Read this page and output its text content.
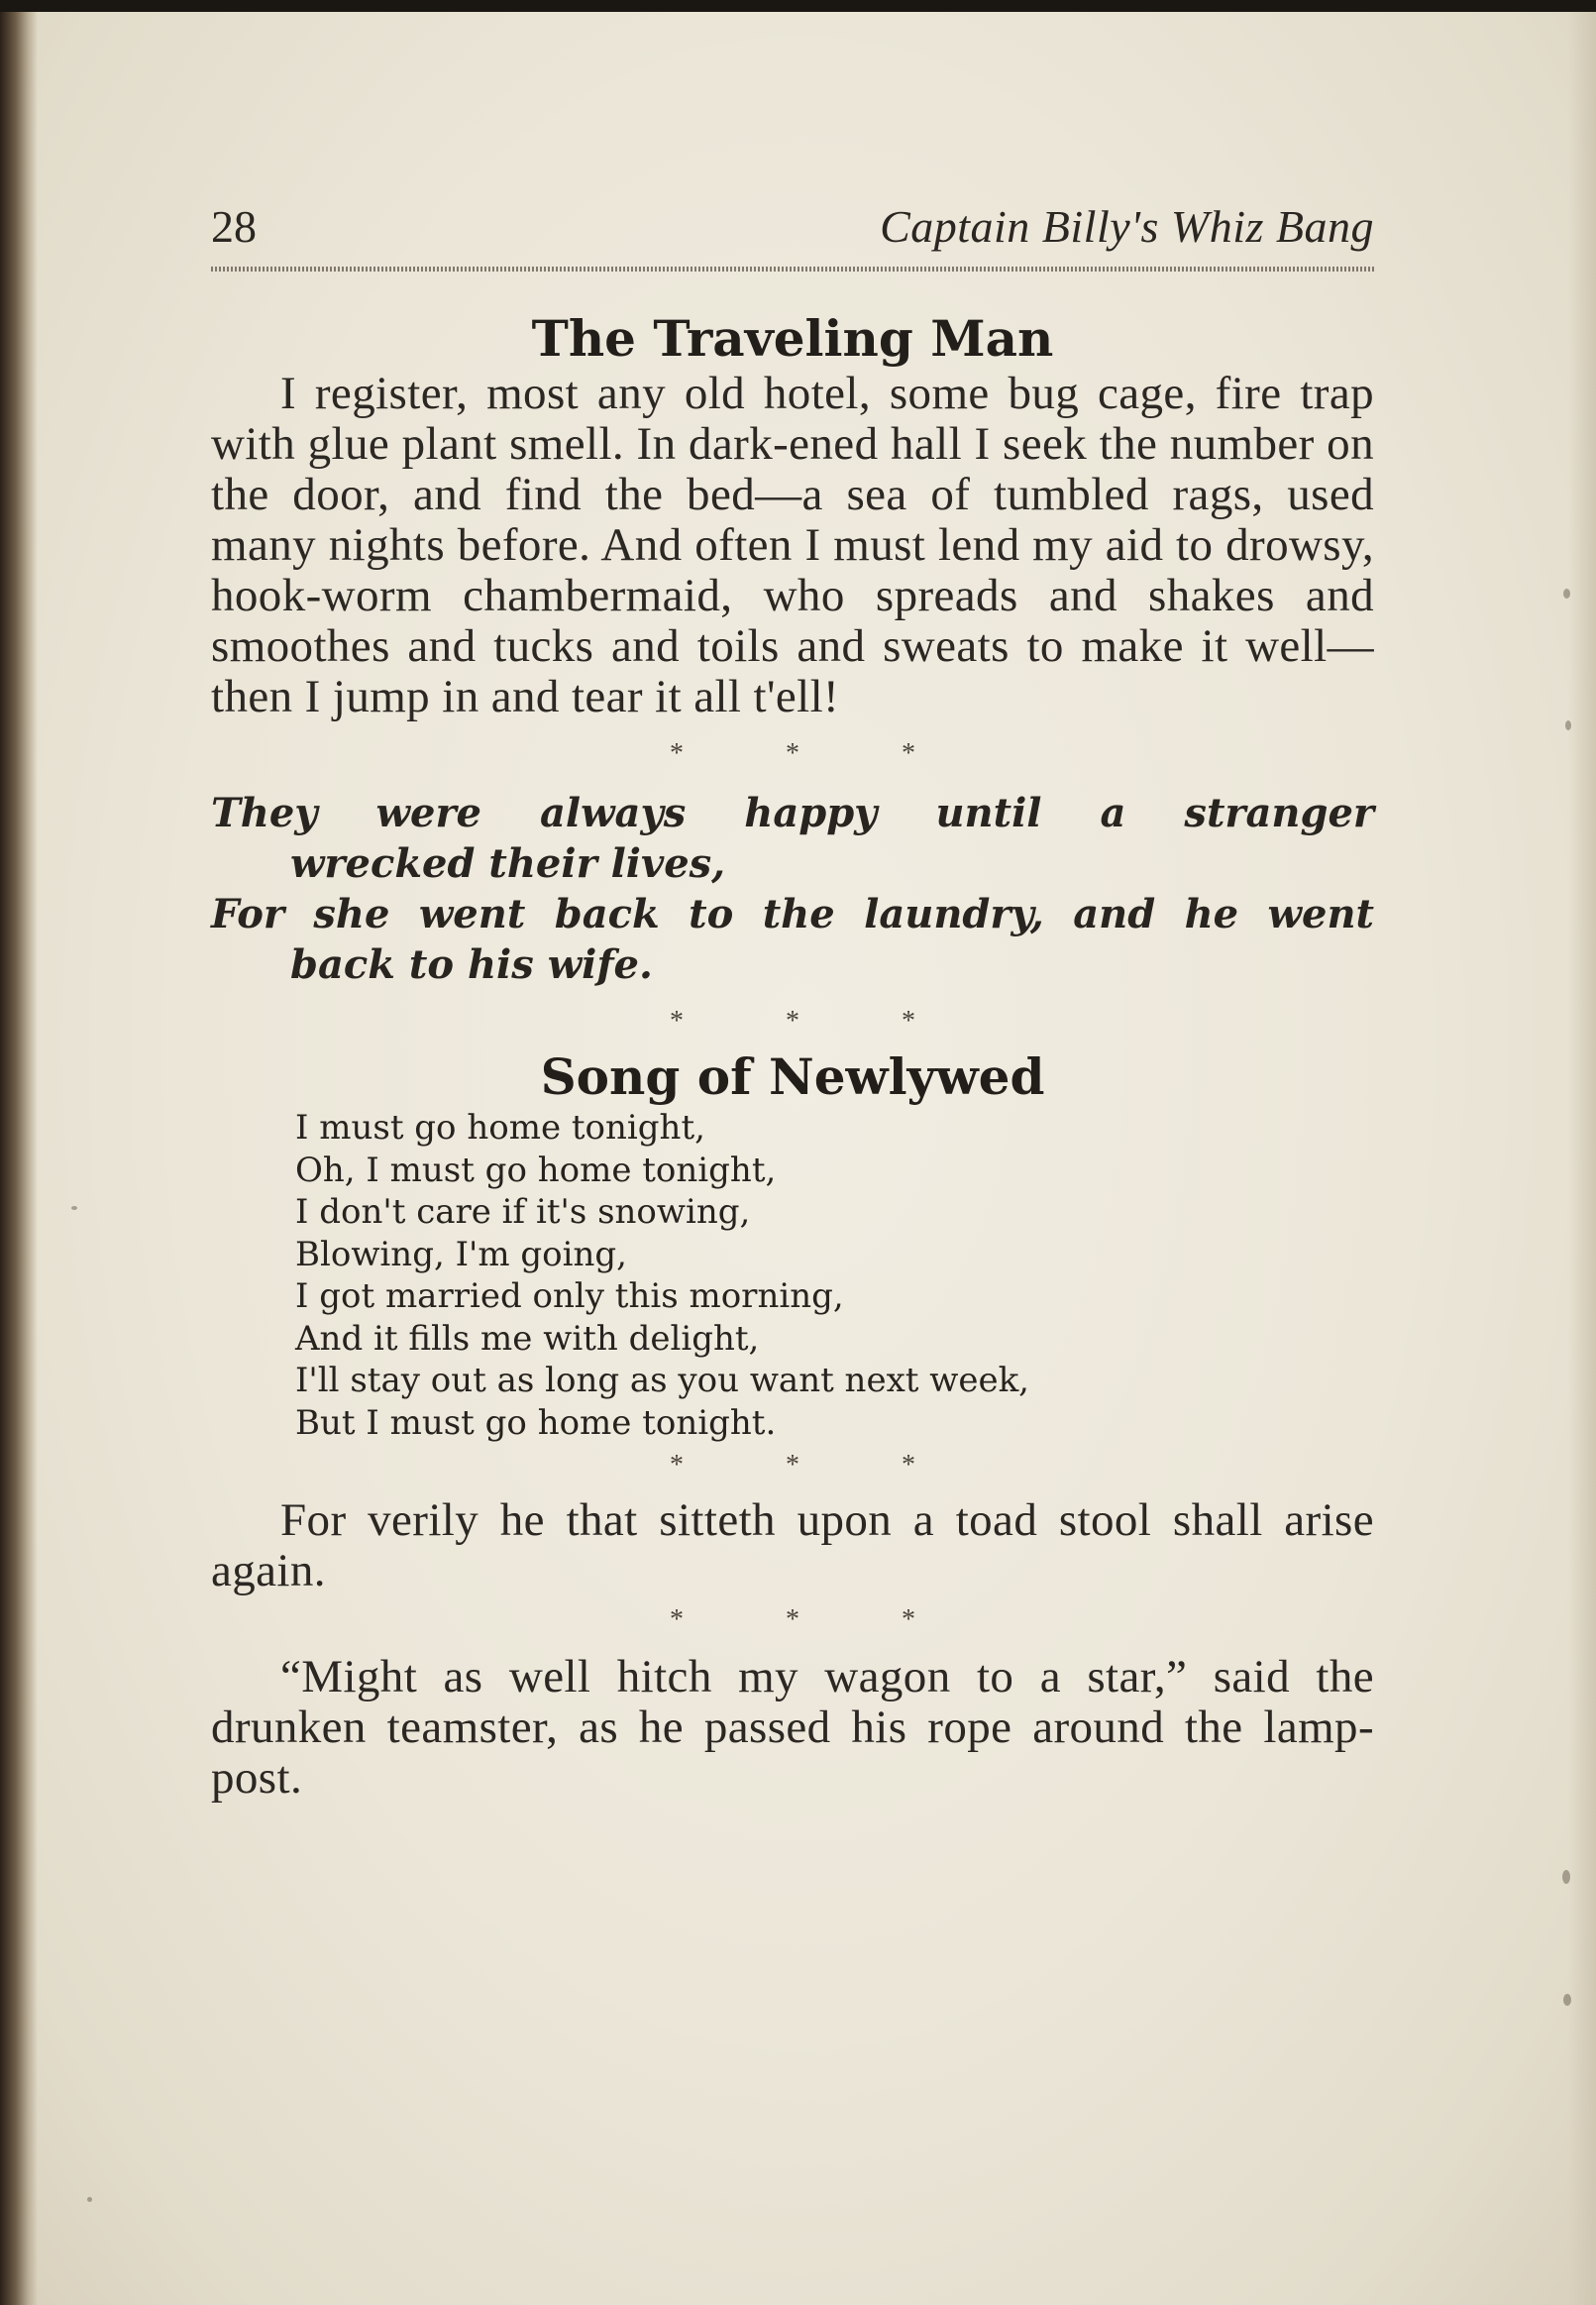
28	Captain Billy's Whiz Bang
The Traveling Man

I register, most any old hotel, some bug cage, fire trap with glue plant smell. In dark-ened hall I seek the number on the door, and find the bed—a sea of tumbled rags, used many nights before. And often I must lend my aid to drowsy, hook-worm chambermaid, who spreads and shakes and smoothes and tucks and toils and sweats to make it well—then I jump in and tear it all t'ell!

* * *

They were always happy until a stranger
wrecked their lives,
For she went back to the laundry, and he went
back to his wife.

* * *

Song of Newlywed
I must go home tonight,
Oh, I must go home tonight,
I don't care if it's snowing,
Blowing, I'm going,
I got married only this morning,
And it fills me with delight,
I'll stay out as long as you want next week,
But I must go home tonight.

* * *

For verily he that sitteth upon a toad stool shall arise again.

* * *

“Might as well hitch my wagon to a star,” said the drunken teamster, as he passed his rope around the lamp-post.
